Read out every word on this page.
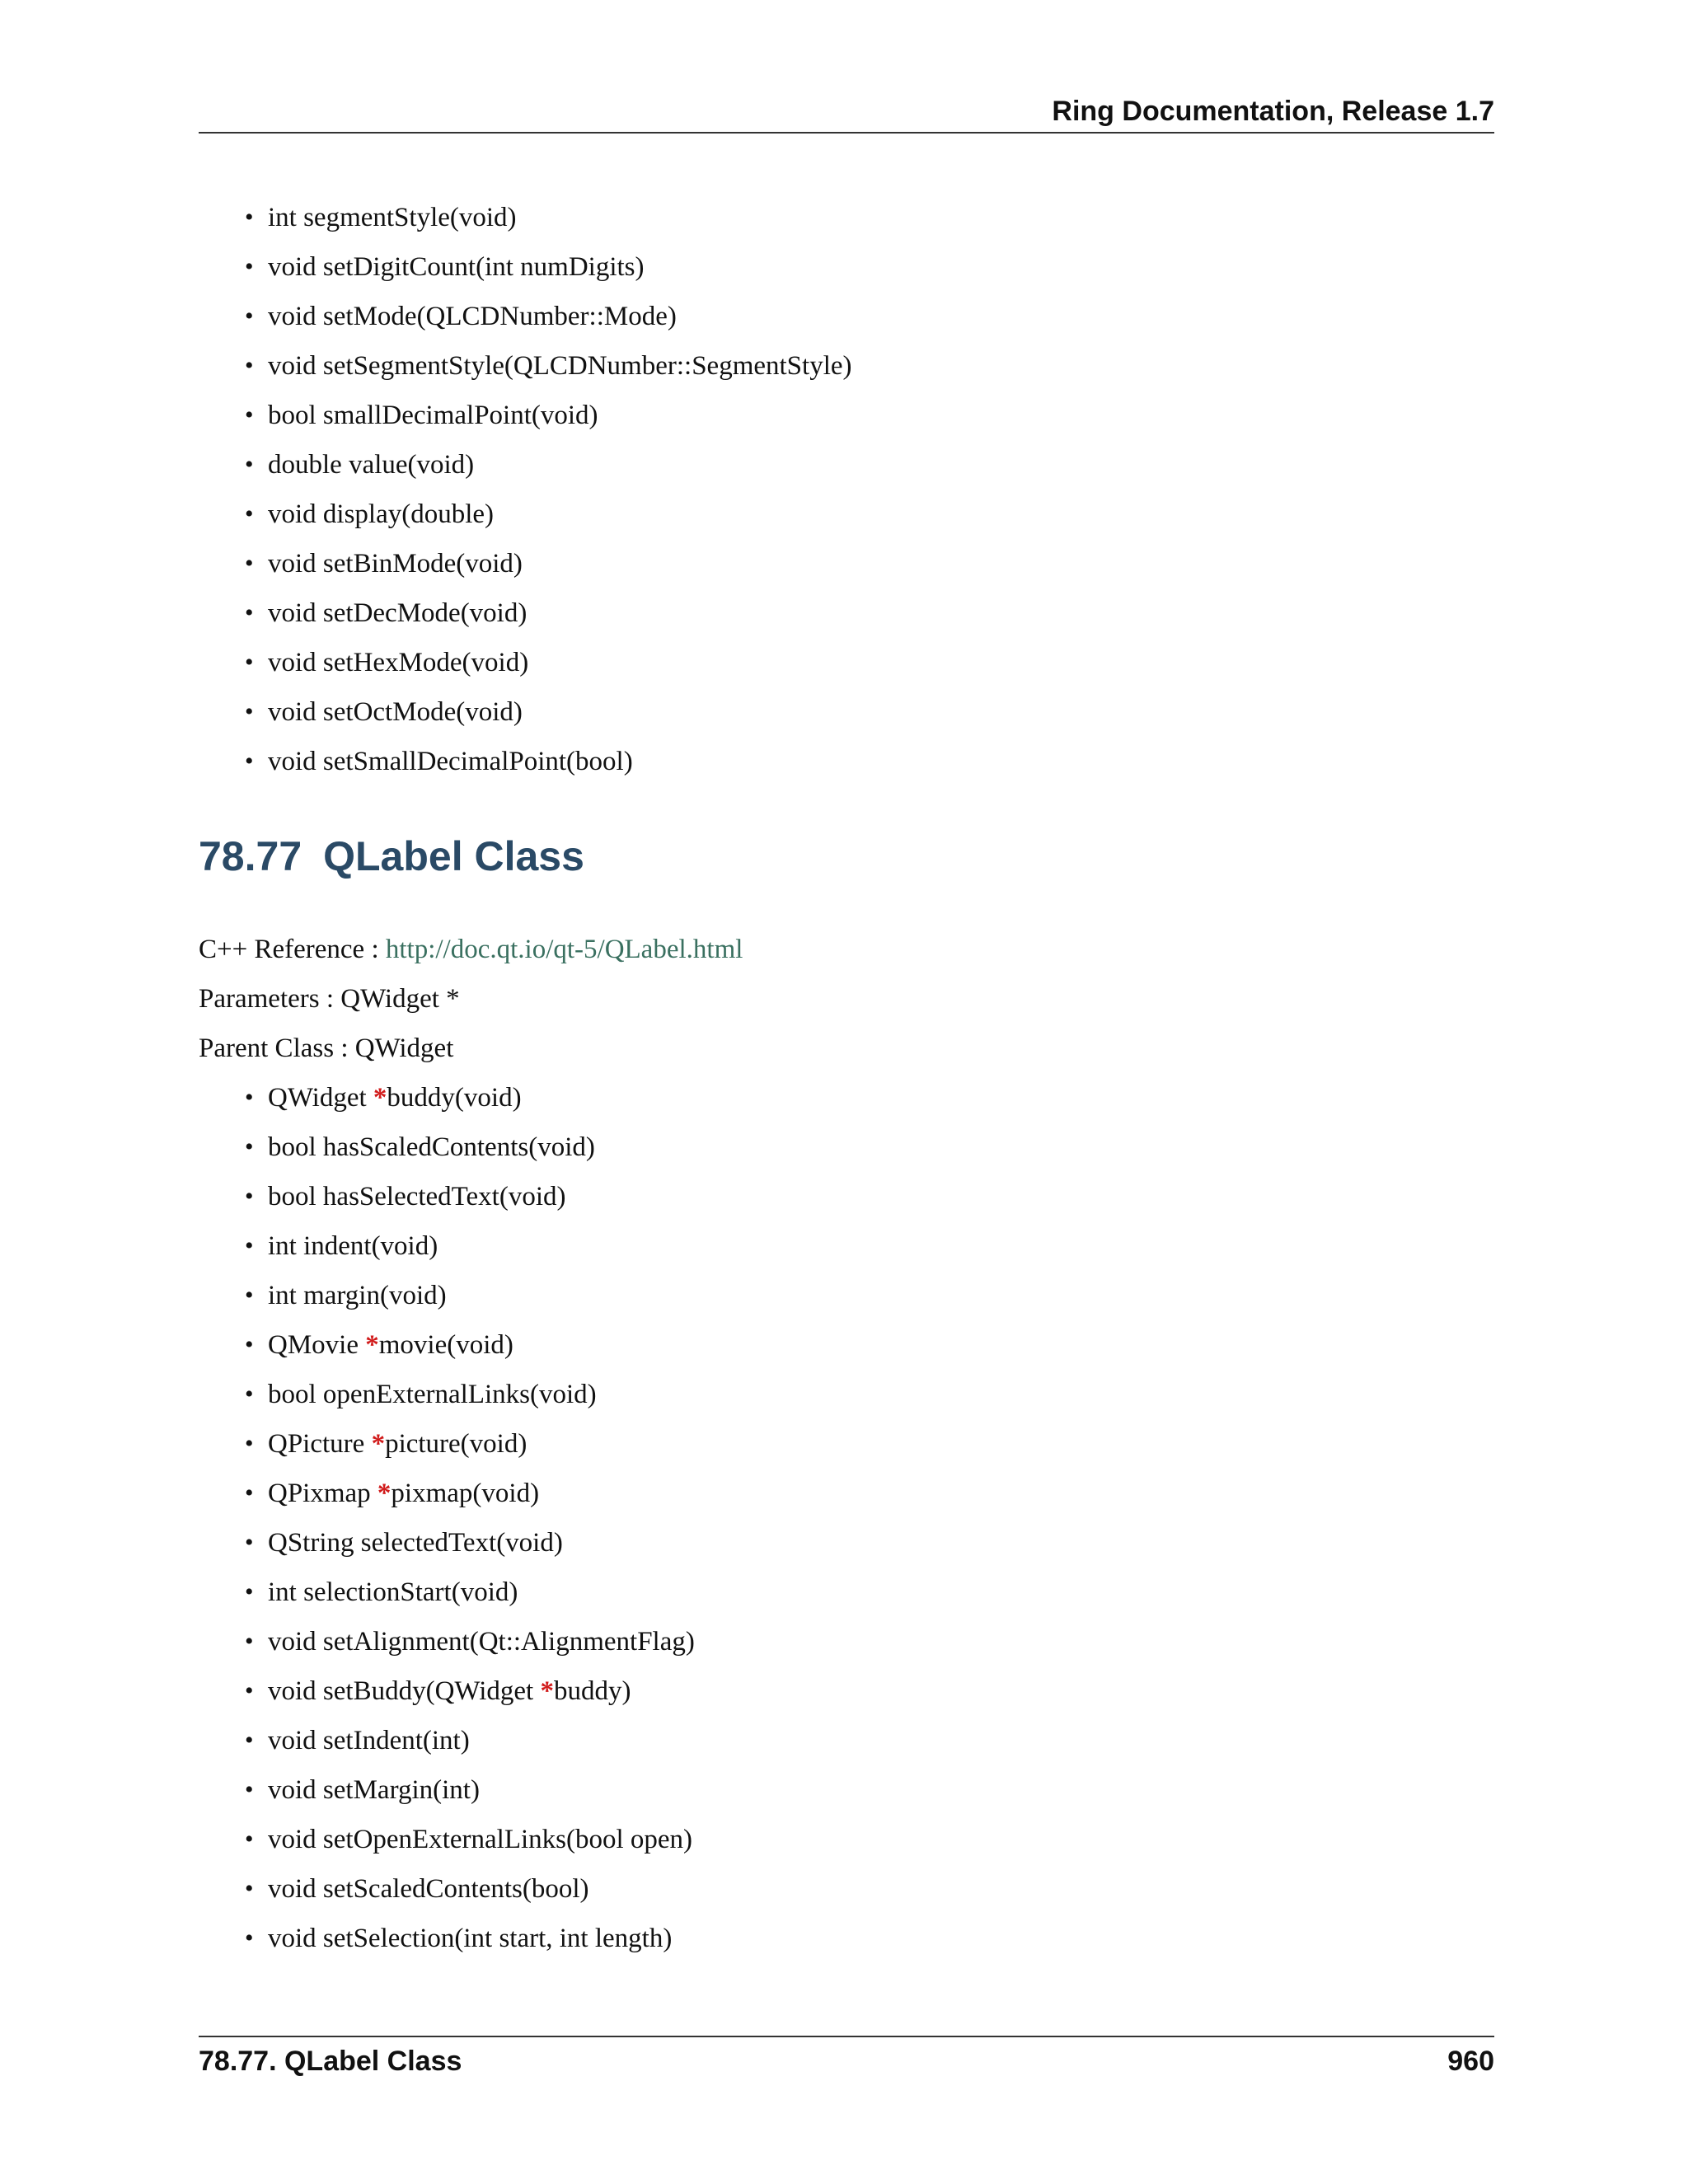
Ring Documentation, Release 1.7
• int segmentStyle(void)
• void setDigitCount(int numDigits)
• void setMode(QLCDNumber::Mode)
• void setSegmentStyle(QLCDNumber::SegmentStyle)
• bool smallDecimalPoint(void)
• double value(void)
• void display(double)
• void setBinMode(void)
• void setDecMode(void)
• void setHexMode(void)
• void setOctMode(void)
• void setSmallDecimalPoint(bool)
78.77 QLabel Class
C++ Reference : http://doc.qt.io/qt-5/QLabel.html
Parameters : QWidget *
Parent Class : QWidget
• QWidget *buddy(void)
• bool hasScaledContents(void)
• bool hasSelectedText(void)
• int indent(void)
• int margin(void)
• QMovie *movie(void)
• bool openExternalLinks(void)
• QPicture *picture(void)
• QPixmap *pixmap(void)
• QString selectedText(void)
• int selectionStart(void)
• void setAlignment(Qt::AlignmentFlag)
• void setBuddy(QWidget *buddy)
• void setIndent(int)
• void setMargin(int)
• void setOpenExternalLinks(bool open)
• void setScaledContents(bool)
• void setSelection(int start, int length)
78.77. QLabel Class	960
